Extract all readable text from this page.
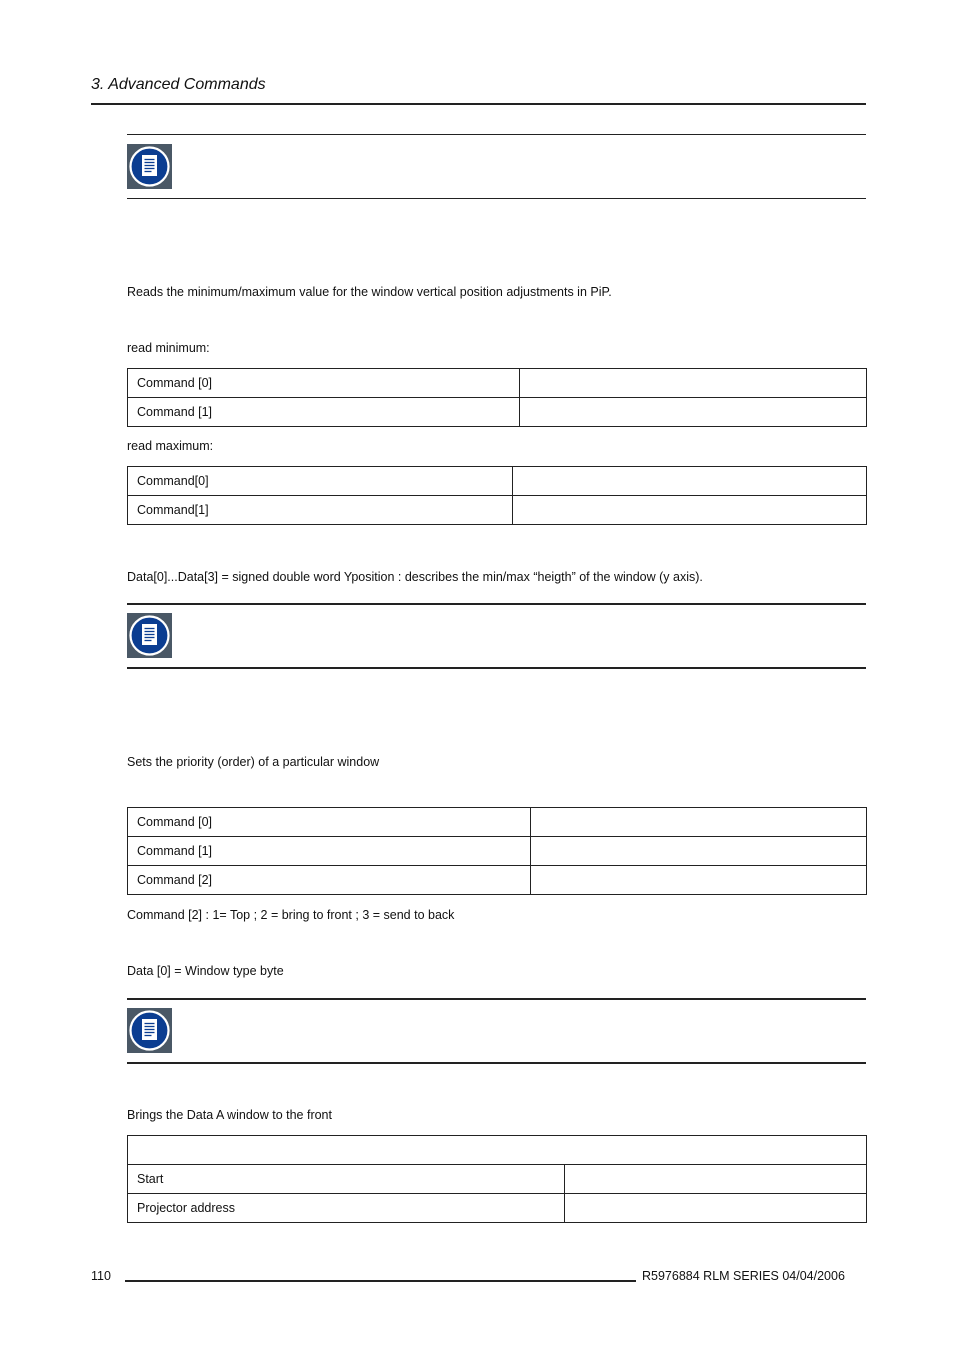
3. Advanced Commands
Reads the minimum/maximum value for the window vertical position adjustments in PiP.
read minimum:
Command [0]	
Command [1]	
read maximum:
Command[0]	
Command[1]	
Data[0]...Data[3] = signed double word Yposition : describes the min/max “heigth” of the window (y axis).
Sets the priority (order) of a particular window
Command [0]	
Command [1]	
Command [2]	
Command [2] : 1= Top ; 2 = bring to front ; 3 = send to back
Data [0] = Window type byte
Brings the Data A window to the front

Start	
Projector address	
110	R5976884 RLM SERIES 04/04/2006
